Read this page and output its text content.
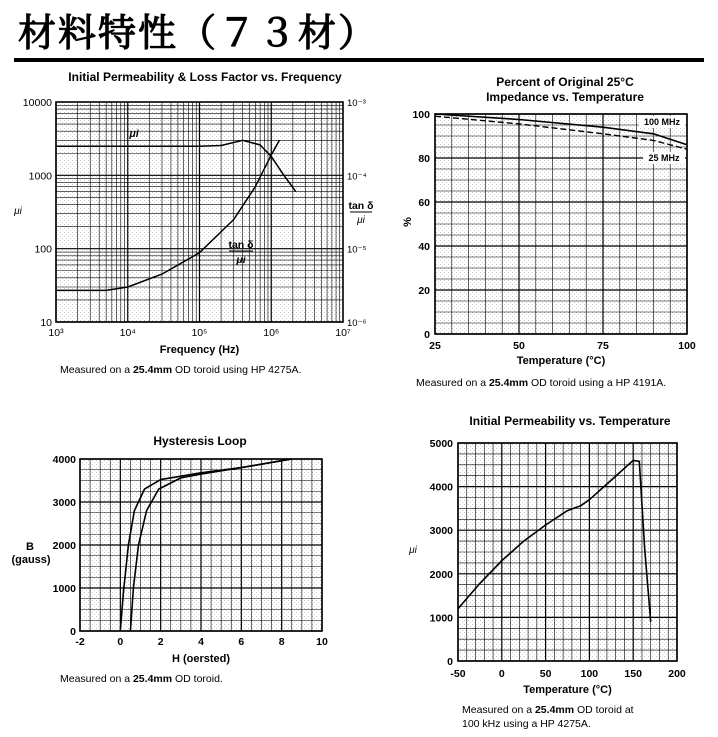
材料特性（７３材）
Initial Permeability & Loss Factor vs. Frequency
Measured on a 25.4mm OD toroid using HP 4275A.
Percent of Original 25°C
Impedance vs. Temperature
Measured on a 25.4mm OD toroid using a HP 4191A.
Hysteresis Loop
Measured on a 25.4mm OD toroid.
Initial Permeability vs. Temperature
Measured on a 25.4mm OD toroid at
100 kHz using a HP 4275A.
10³	10⁴	10⁵	10⁶	10⁷
10
100
1000
10000
10⁻⁶
10⁻⁵
10⁻⁴
10⁻³
Frequency (Hz)
μi	tan δ
μi
μi
tan δ
μi
25	50	75	100
0
20
40
60
80
100
Temperature (°C)
%
100 MHz
25 MHz
-2	0	2	4	6	8	10
0
1000
2000
3000
4000
H (oersted)
B
(gauss)
-50	0	50	100	150	200
0
1000
2000
3000
4000
5000
Temperature (°C)
μi
